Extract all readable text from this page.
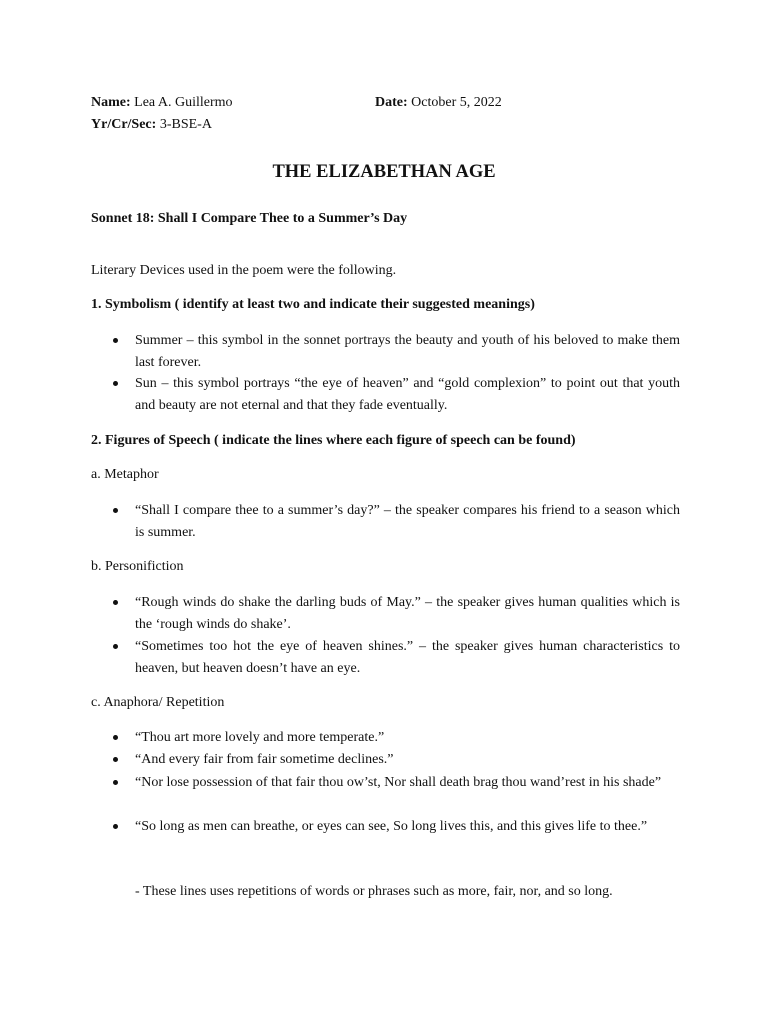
Name: Lea A. Guillermo	Date: October 5, 2022
Yr/Cr/Sec: 3-BSE-A
THE ELIZABETHAN AGE
Sonnet 18: Shall I Compare Thee to a Summer’s Day
Literary Devices used in the poem were the following.
1. Symbolism ( identify at least two and indicate their suggested meanings)
Summer – this symbol in the sonnet portrays the beauty and youth of his beloved to make them last forever.
Sun – this symbol portrays “the eye of heaven” and “gold complexion” to point out that youth and beauty are not eternal and that they fade eventually.
2. Figures of Speech ( indicate the lines where each figure of speech can be found)
a. Metaphor
“Shall I compare thee to a summer’s day?” – the speaker compares his friend to a season which is summer.
b. Personifiction
“Rough winds do shake the darling buds of May.” – the speaker gives human qualities which is the ‘rough winds do shake’.
“Sometimes too hot the eye of heaven shines.” – the speaker gives human characteristics to heaven, but heaven doesn’t have an eye.
c. Anaphora/ Repetition
“Thou art more lovely and more temperate.”
“And every fair from fair sometime declines.”
“Nor lose possession of that fair thou ow’st, Nor shall death brag thou wand’rest in his shade”
“So long as men can breathe, or eyes can see, So long lives this, and this gives life to thee.”
- These lines uses repetitions of words or phrases such as more, fair, nor, and so long.
